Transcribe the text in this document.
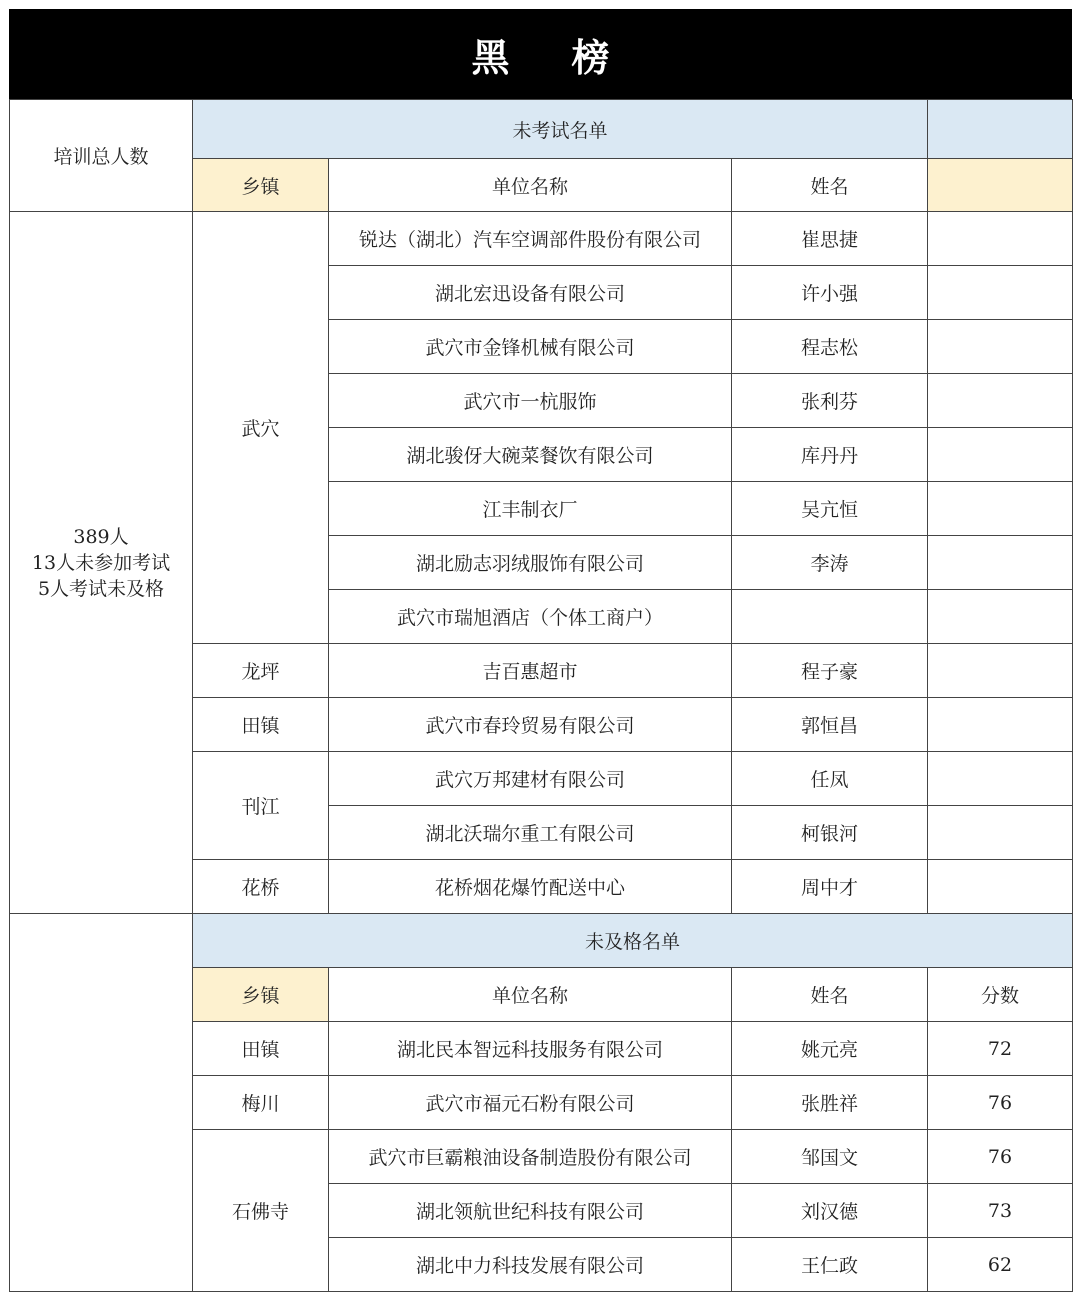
黑榜
培训总人数	未考试名单			
	乡镇	单位名称	姓名	

389人
13人未参加考试
5人考试未及格	武穴	锐达（湖北）汽车空调部件股份有限公司	崔思捷	
		湖北宏迅设备有限公司	许小强	
		武穴市金锋机械有限公司	程志松	
		武穴市一杭服饰	张利芬	
		湖北骏伢大碗菜餐饮有限公司	库丹丹	
		江丰制衣厂	吴亢恒	
		湖北励志羽绒服饰有限公司	李涛	
		武穴市瑞旭酒店（个体工商户）		
	龙坪	吉百惠超市	程子豪	
	田镇	武穴市春玲贸易有限公司	郭恒昌	
	刊江	武穴万邦建材有限公司	任凤	
		湖北沃瑞尔重工有限公司	柯银河	
	花桥	花桥烟花爆竹配送中心	周中才	
	未及格名单			
	乡镇	单位名称	姓名	分数
	田镇	湖北民本智远科技服务有限公司	姚元亮	72
	梅川	武穴市福元石粉有限公司	张胜祥	76
	石佛寺	武穴市巨霸粮油设备制造股份有限公司	邹国文	76
		湖北领航世纪科技有限公司	刘汉德	73
		湖北中力科技发展有限公司	王仁政	62
